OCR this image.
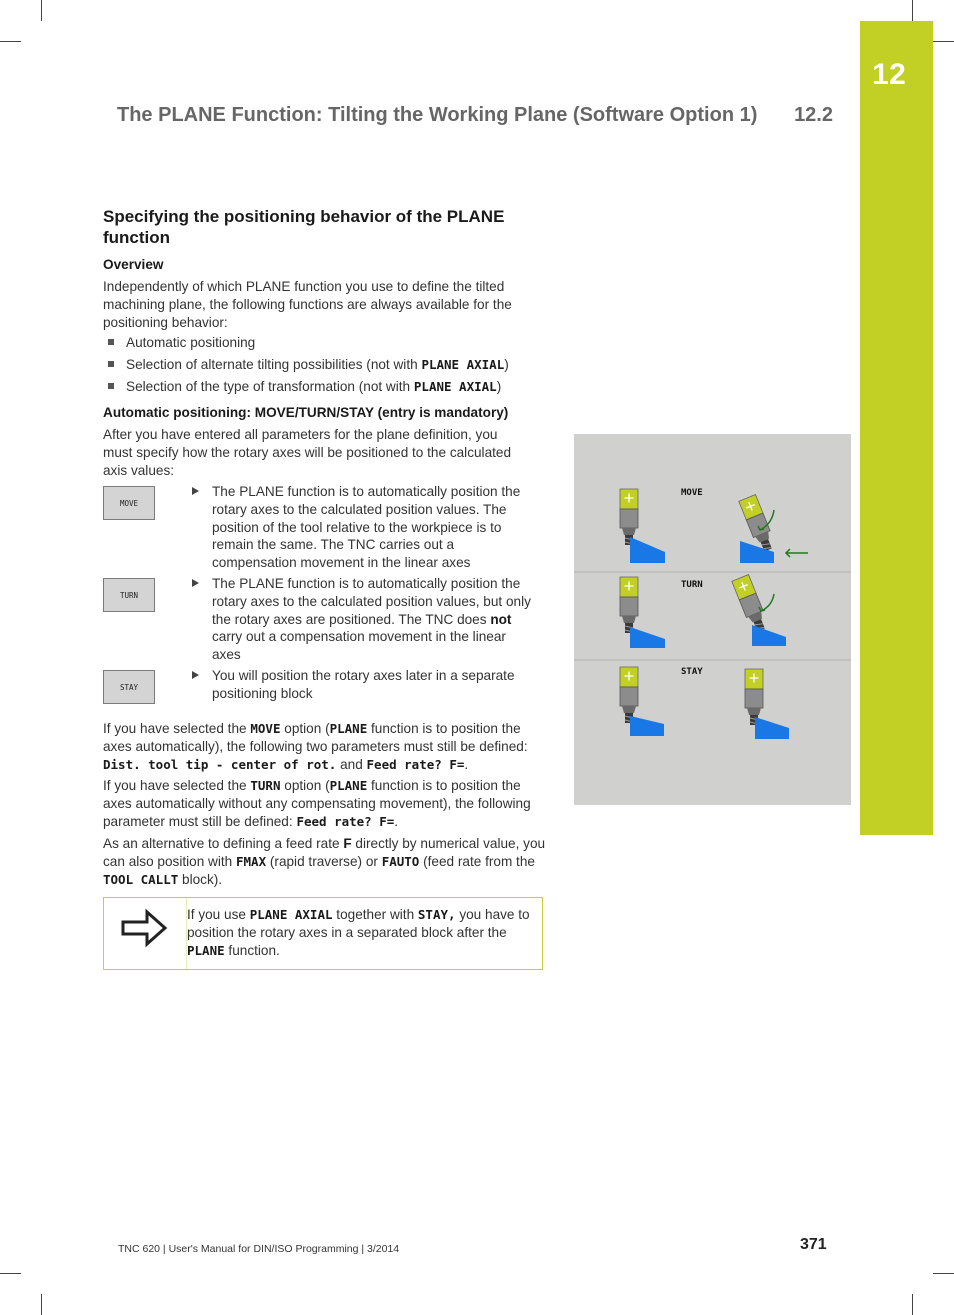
12
The PLANE Function: Tilting the Working Plane (Software Option 1) 12.2
Specifying the positioning behavior of the PLANE function
Overview
Independently of which PLANE function you use to define the tilted machining plane, the following functions are always available for the positioning behavior:
Automatic positioning
Selection of alternate tilting possibilities (not with PLANE AXIAL)
Selection of the type of transformation (not with PLANE AXIAL)
Automatic positioning: MOVE/TURN/STAY (entry is mandatory)
After you have entered all parameters for the plane definition, you must specify how the rotary axes will be positioned to the calculated axis values:
MOVE
The PLANE function is to automatically position the rotary axes to the calculated position values. The position of the tool relative to the workpiece is to remain the same. The TNC carries out a compensation movement in the linear axes
TURN
The PLANE function is to automatically position the rotary axes to the calculated position values, but only the rotary axes are positioned. The TNC does not carry out a compensation movement in the linear axes
STAY
You will position the rotary axes later in a separate positioning block
If you have selected the MOVE option (PLANE function is to position the axes automatically), the following two parameters must still be defined: Dist. tool tip - center of rot. and Feed rate? F=.
If you have selected the TURN option (PLANE function is to position the axes automatically without any compensating movement), the following parameter must still be defined: Feed rate? F=.
As an alternative to defining a feed rate F directly by numerical value, you can also position with FMAX (rapid traverse) or FAUTO (feed rate from the TOOL CALLT block).
If you use PLANE AXIAL together with STAY, you have to position the rotary axes in a separated block after the PLANE function.
MOVE
TURN
STAY
TNC 620 | User's Manual for DIN/ISO Programming | 3/2014	371
